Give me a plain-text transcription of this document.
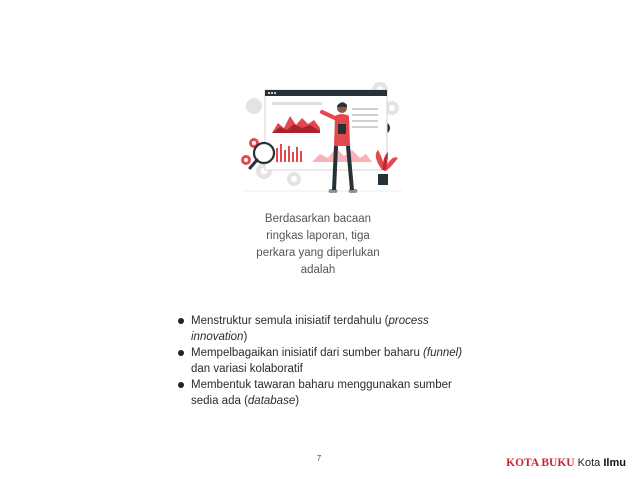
Berdasarkan bacaan
ringkas laporan, tiga
perkara yang diperlukan
adalah
Menstruktur semula inisiatif terdahulu (process
innovation)
Mempelbagaikan inisiatif dari sumber baharu (funnel)
dan variasi kolaboratif
Membentuk tawaran baharu menggunakan sumber
sedia ada (database)
7	KOTA BUKU Kota Ilmu
